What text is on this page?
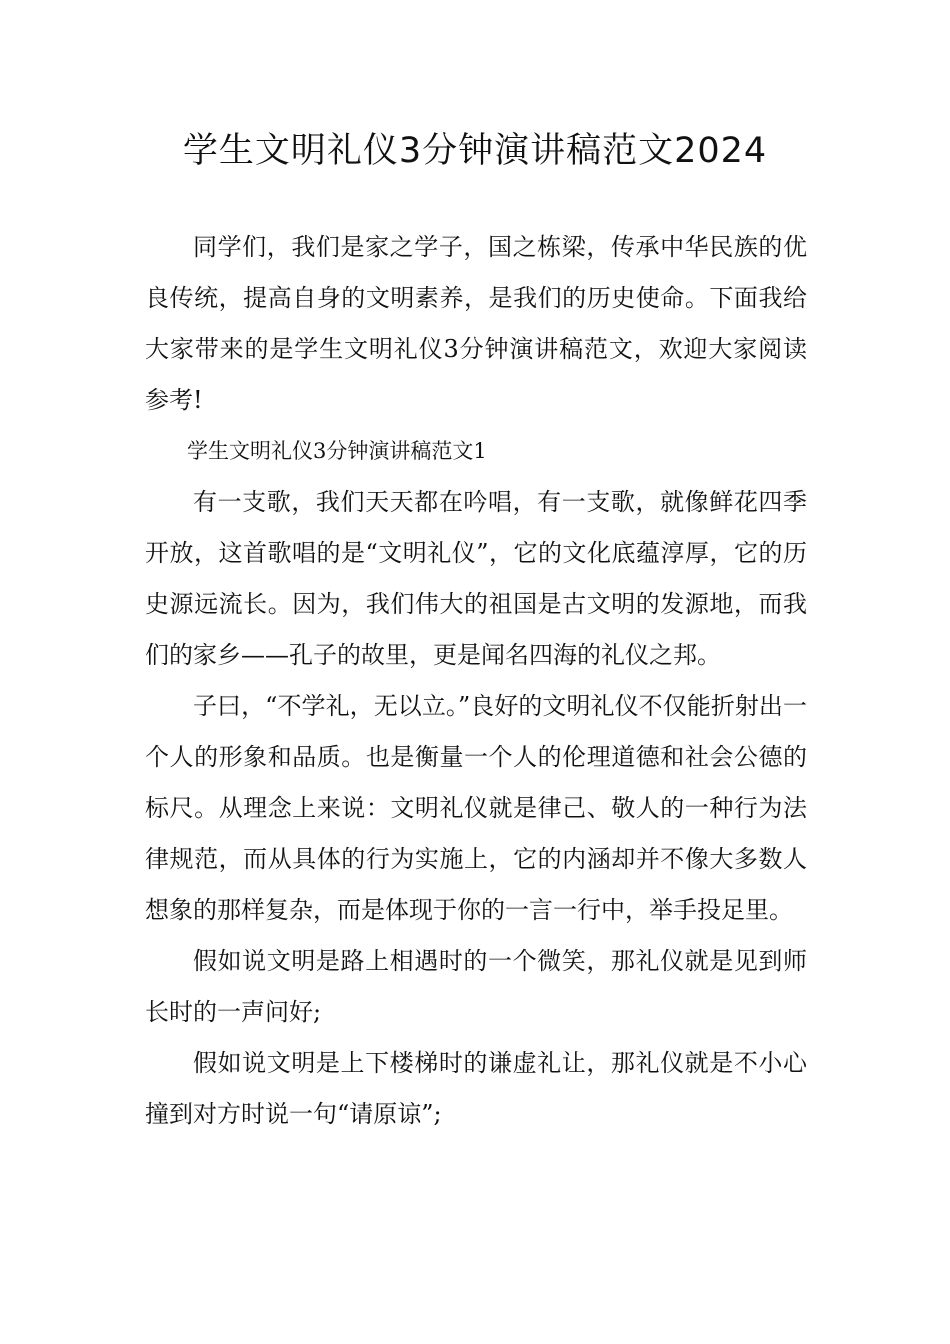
学生文明礼仪3分钟演讲稿范文2024

同学们，我们是家之学子，国之栋梁，传承中华民族的优良传统，提高自身的文明素养，是我们的历史使命。下面我给大家带来的是学生文明礼仪3分钟演讲稿范文，欢迎大家阅读参考!

学生文明礼仪3分钟演讲稿范文1

有一支歌，我们天天都在吟唱，有一支歌，就像鲜花四季开放，这首歌唱的是“文明礼仪”，它的文化底蕴淳厚，它的历史源远流长。因为，我们伟大的祖国是古文明的发源地，而我们的家乡——孔子的故里，更是闻名四海的礼仪之邦。

子曰，“不学礼，无以立。”良好的文明礼仪不仅能折射出一个人的形象和品质。也是衡量一个人的伦理道德和社会公德的标尺。从理念上来说：文明礼仪就是律己、敬人的一种行为法律规范，而从具体的行为实施上，它的内涵却并不像大多数人想象的那样复杂，而是体现于你的一言一行中，举手投足里。

假如说文明是路上相遇时的一个微笑，那礼仪就是见到师长时的一声问好;

假如说文明是上下楼梯时的谦虚礼让，那礼仪就是不小心撞到对方时说一句“请原谅”;
